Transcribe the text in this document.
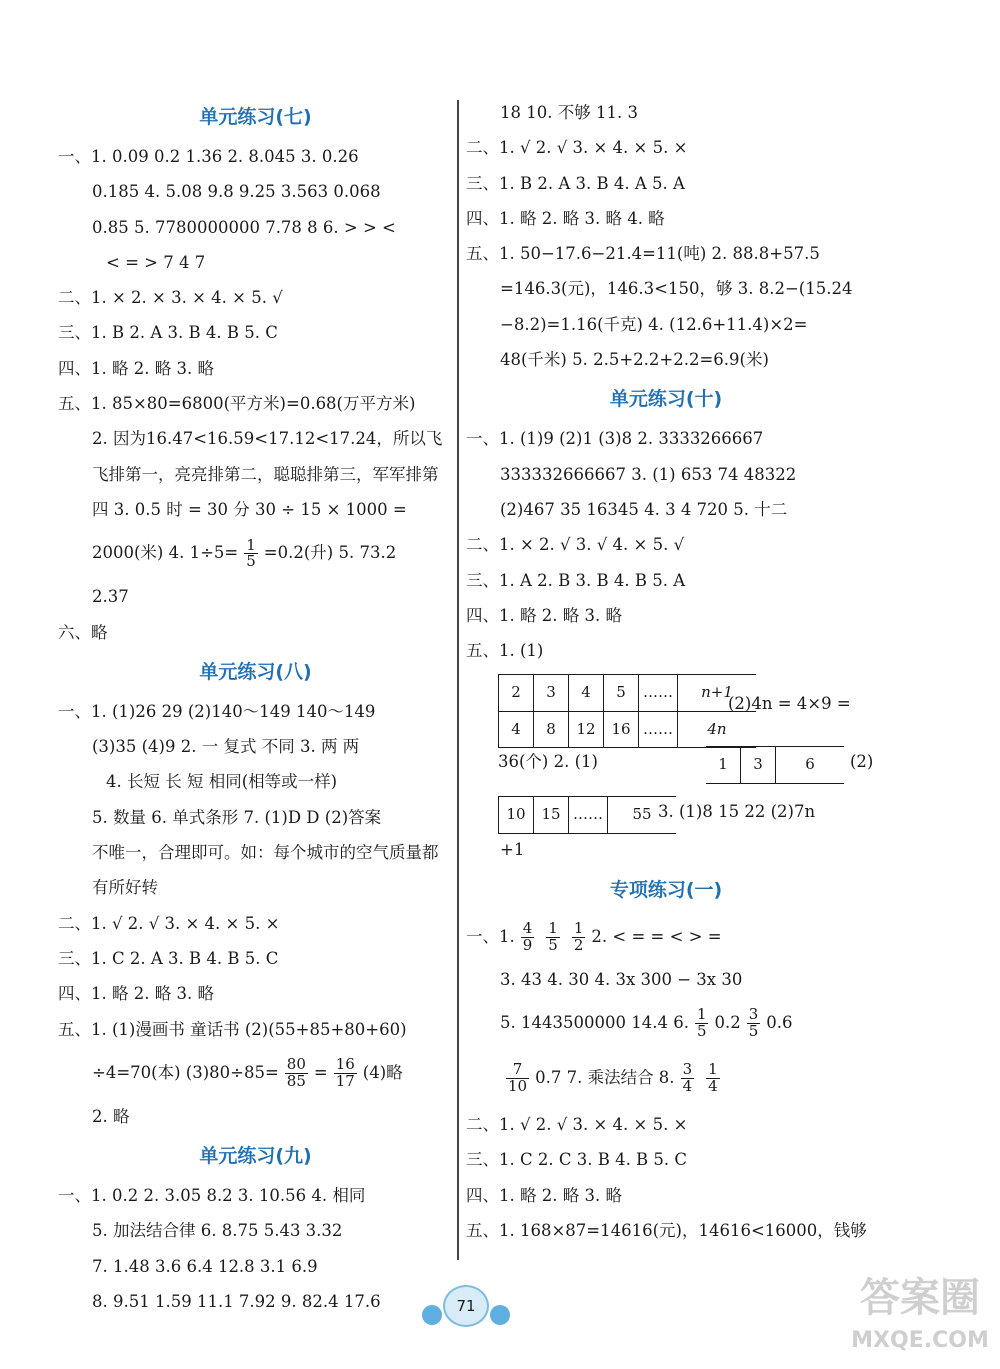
单元练习(七)
一、1. 0.09 0.2 1.36 2. 8.045 3. 0.26
0.185 4. 5.08 9.8 9.25 3.563 0.068
0.85 5. 7780000000 7.78 8 6. > > <
< = > 7 4 7
二、1. × 2. × 3. × 4. × 5. √
三、1. B 2. A 3. B 4. B 5. C
四、1. 略 2. 略 3. 略
五、1. 85×80=6800(平方米)=0.68(万平方米)
2. 因为16.47<16.59<17.12<17.24，所以飞
飞排第一，亮亮排第二，聪聪排第三，军军排第
四 3. 0.5 时 = 30 分 30 ÷ 15 × 1000 =
2000(米) 4. $1\div 5= \frac{1}{5} =0.2$(升) 5. 73.2
2.37
六、略
单元练习(八)
一、1. (1)26 29 (2)140～149 140～149
(3)35 (4)9 2. 一 复式 不同 3. 两 两
4. 长短 长 短 相同(相等或一样)
5. 数量 6. 单式条形 7. (1)D D (2)答案
不唯一，合理即可。如：每个城市的空气质量都
有所好转
二、1. √ 2. √ 3. × 4. × 5. ×
三、1. C 2. A 3. B 4. B 5. C
四、1. 略 2. 略 3. 略
五、1. (1)漫画书 童话书 (2)(55+85+80+60)
÷4=70(本) $(3)80\div 85= \frac{80}{85} = \frac{16}{17} (4)$略
2. 略
单元练习(九)
一、1. 0.2 2. 3.05 8.2 3. 10.56 4. 相同
5. 加法结合律 6. 8.75 5.43 3.32
7. 1.48 3.6 6.4 12.8 3.1 6.9
8. 9.51 1.59 11.1 7.92 9. 82.4 17.6
18 10. 不够 11. 3
二、1. √ 2. √ 3. × 4. × 5. ×
三、1. B 2. A 3. B 4. A 5. A
四、1. 略 2. 略 3. 略 4. 略
五、1. 50−17.6−21.4=11(吨) 2. 88.8+57.5
=146.3(元)，146.3<150，够 3. 8.2−(15.24
−8.2)=1.16(千克) 4. (12.6+11.4)×2=
48(千米) 5. 2.5+2.2+2.2=6.9(米)
单元练习(十)
一、1. (1)9 (2)1 (3)8 2. 3333266667
333332666667 3. (1) 653 74 48322
(2)467 35 16345 4. 3 4 720 5. 十二
二、1. × 2. √ 3. √ 4. × 5. √
三、1. A 2. B 3. B 4. B 5. A
四、1. 略 2. 略 3. 略
五、1. (1)
2	3	4	5	……	n+1
4	8	12	16	……	4n
(2)4n = 4×9 =
36(个) 2. (1)	1	3	6 (2)
10	15	……	55 3. (1)8 15 22 (2)7n
+1
专项练习(一)
一、1. $\frac{4}{9} \frac{1}{5} \frac{1}{2} 2$. < = = < > =
3. 43 4. 30 4. 3x 300 − 3x 30
5. 1443500000 14.4 6. $\frac{1}{5} 0.2 \frac{3}{5} 0.6$
$\frac{7}{10} 0.7$ 7. 乘法结合 8. $\frac{3}{4} \frac{1}{4}$
二、1. √ 2. √ 3. × 4. × 5. ×
三、1. C 2. C 3. B 4. B 5. C
四、1. 略 2. 略 3. 略
五、1. 168×87=14616(元)，14616<16000，钱够
71	答案圈
MXQE.COM
